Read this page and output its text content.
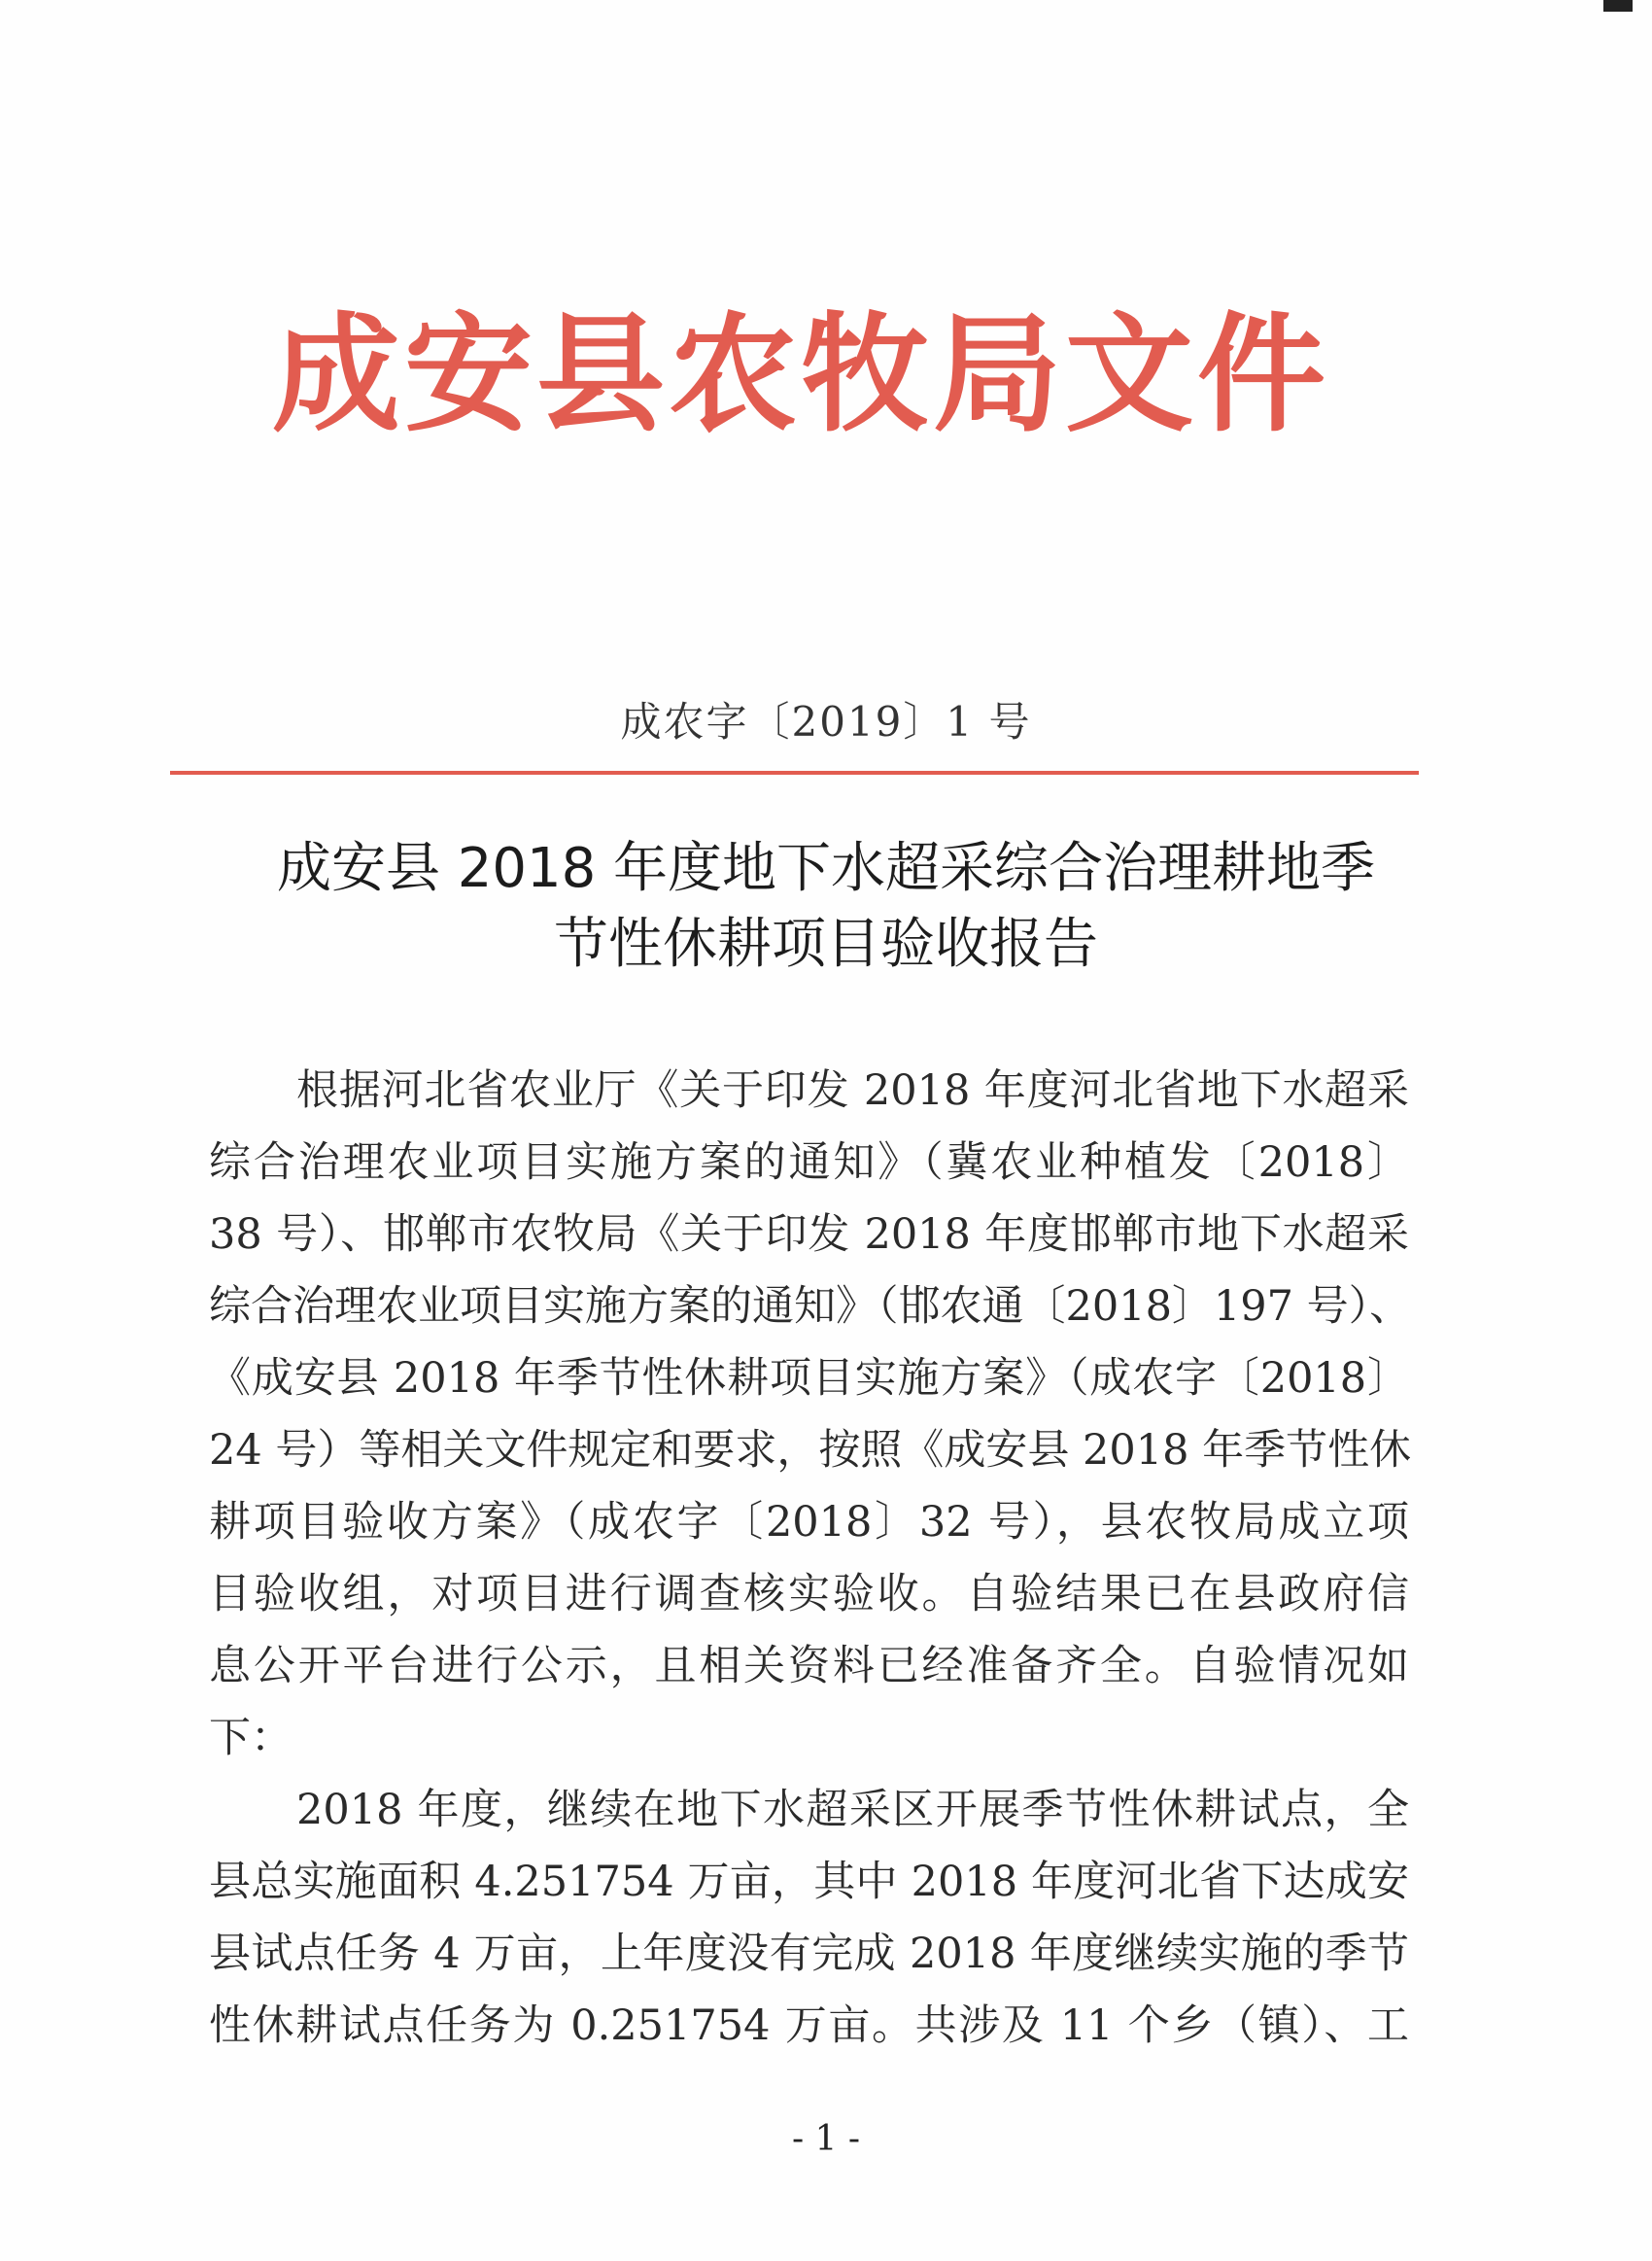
成安县农牧局文件
成农字〔2019〕1 号
成安县 2018 年度地下水超采综合治理耕地季
节性休耕项目验收报告
根据河北省农业厅《关于印发 2018 年度河北省地下水超采
综合治理农业项目实施方案的通知》（冀农业种植发〔2018〕
38 号）、邯郸市农牧局《关于印发 2018 年度邯郸市地下水超采
综合治理农业项目实施方案的通知》（邯农通〔2018〕197 号）、
《成安县 2018 年季节性休耕项目实施方案》（成农字〔2018〕
24 号）等相关文件规定和要求，按照《成安县 2018 年季节性休
耕项目验收方案》（成农字〔2018〕32 号），县农牧局成立项
目验收组，对项目进行调查核实验收。自验结果已在县政府信
息公开平台进行公示，且相关资料已经准备齐全。自验情况如
下：
2018 年度，继续在地下水超采区开展季节性休耕试点，全
县总实施面积 4.251754 万亩，其中 2018 年度河北省下达成安
县试点任务 4 万亩，上年度没有完成 2018 年度继续实施的季节
性休耕试点任务为 0.251754 万亩。共涉及 11 个乡（镇）、工
- 1 -
